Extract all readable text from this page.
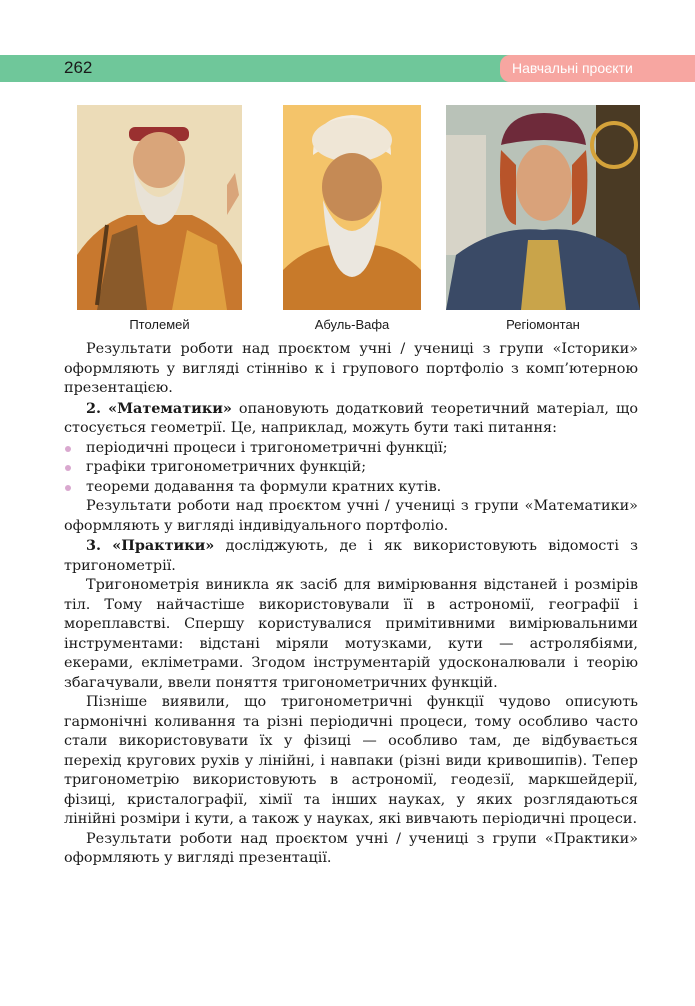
262	Навчальні проєкти
Птолемей	Абуль-Вафа	Регіомонтан

Результати роботи над проєктом учні / учениці з групи «Історики» оформляють у вигляді стінніво к і групового портфоліо з комп’ютерною презентацією.

2. «Математики» опановують додатковий теоретичний матеріал, що стосується геометрії. Це, наприклад, можуть бути такі питання:

періодичні процеси і тригонометричні функції;

графіки тригонометричних функцій;

теореми додавання та формули кратних кутів.

Результати роботи над проєктом учні / учениці з групи «Математики» оформляють у вигляді індивідуального портфоліо.

3. «Практики» досліджують, де і як використовують відомості з тригонометрії.

Тригонометрія виникла як засіб для вимірювання відстаней і розмірів тіл. Тому найчастіше використовували її в астрономії, географії і мореплавстві. Спершу користувалися примітивними вимірювальними інструментами: відстані міряли мотузками, кути — астролябіями, екерами, екліметрами. Згодом інструментарій удосконалювали і теорію збагачували, ввели поняття тригонометричних функцій.

Пізніше виявили, що тригонометричні функції чудово описують гармонічні коливання та різні періодичні процеси, тому особливо часто стали використовувати їх у фізиці — особливо там, де відбувається перехід кругових рухів у лінійні, і навпаки (різні види кривошипів). Тепер тригонометрію використовують в астрономії, геодезії, маркшейдерії, фізиці, кристалографії, хімії та інших науках, у яких розглядаються лінійні розміри і кути, а також у науках, які вивчають періодичні процеси.

Результати роботи над проєктом учні / учениці з групи «Практики» оформляють у вигляді презентації.
